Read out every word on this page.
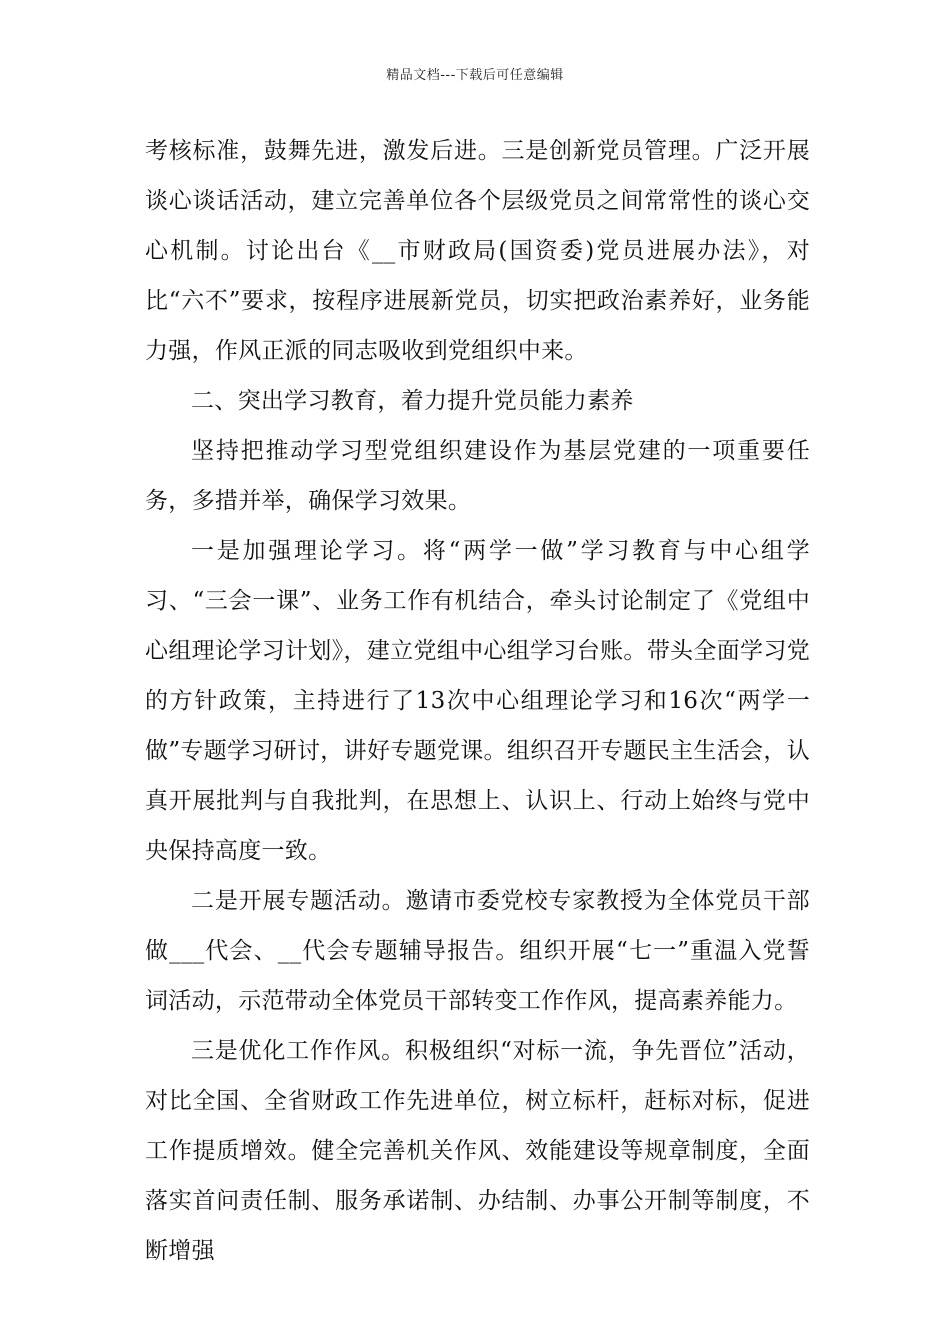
精品文档---下载后可任意编辑

考核标准，鼓舞先进，激发后进。三是创新党员管理。广泛开展谈心谈话活动，建立完善单位各个层级党员之间常常性的谈心交心机制。讨论出台《__市财政局(国资委)党员进展办法》，对比“六不”要求，按程序进展新党员，切实把政治素养好，业务能力强，作风正派的同志吸收到党组织中来。

二、突出学习教育，着力提升党员能力素养

坚持把推动学习型党组织建设作为基层党建的一项重要任务，多措并举，确保学习效果。

一是加强理论学习。将“两学一做”学习教育与中心组学习、“三会一课”、业务工作有机结合，牵头讨论制定了《党组中心组理论学习计划》，建立党组中心组学习台账。带头全面学习党的方针政策，主持进行了13次中心组理论学习和16次“两学一做”专题学习研讨，讲好专题党课。组织召开专题民主生活会，认真开展批判与自我批判，在思想上、认识上、行动上始终与党中央保持高度一致。

二是开展专题活动。邀请市委党校专家教授为全体党员干部做___代会、__代会专题辅导报告。组织开展“七一”重温入党誓词活动，示范带动全体党员干部转变工作作风，提高素养能力。

三是优化工作作风。积极组织“对标一流，争先晋位”活动，对比全国、全省财政工作先进单位，树立标杆，赶标对标，促进工作提质增效。健全完善机关作风、效能建设等规章制度，全面落实首问责任制、服务承诺制、办结制、办事公开制等制度，不断增强
